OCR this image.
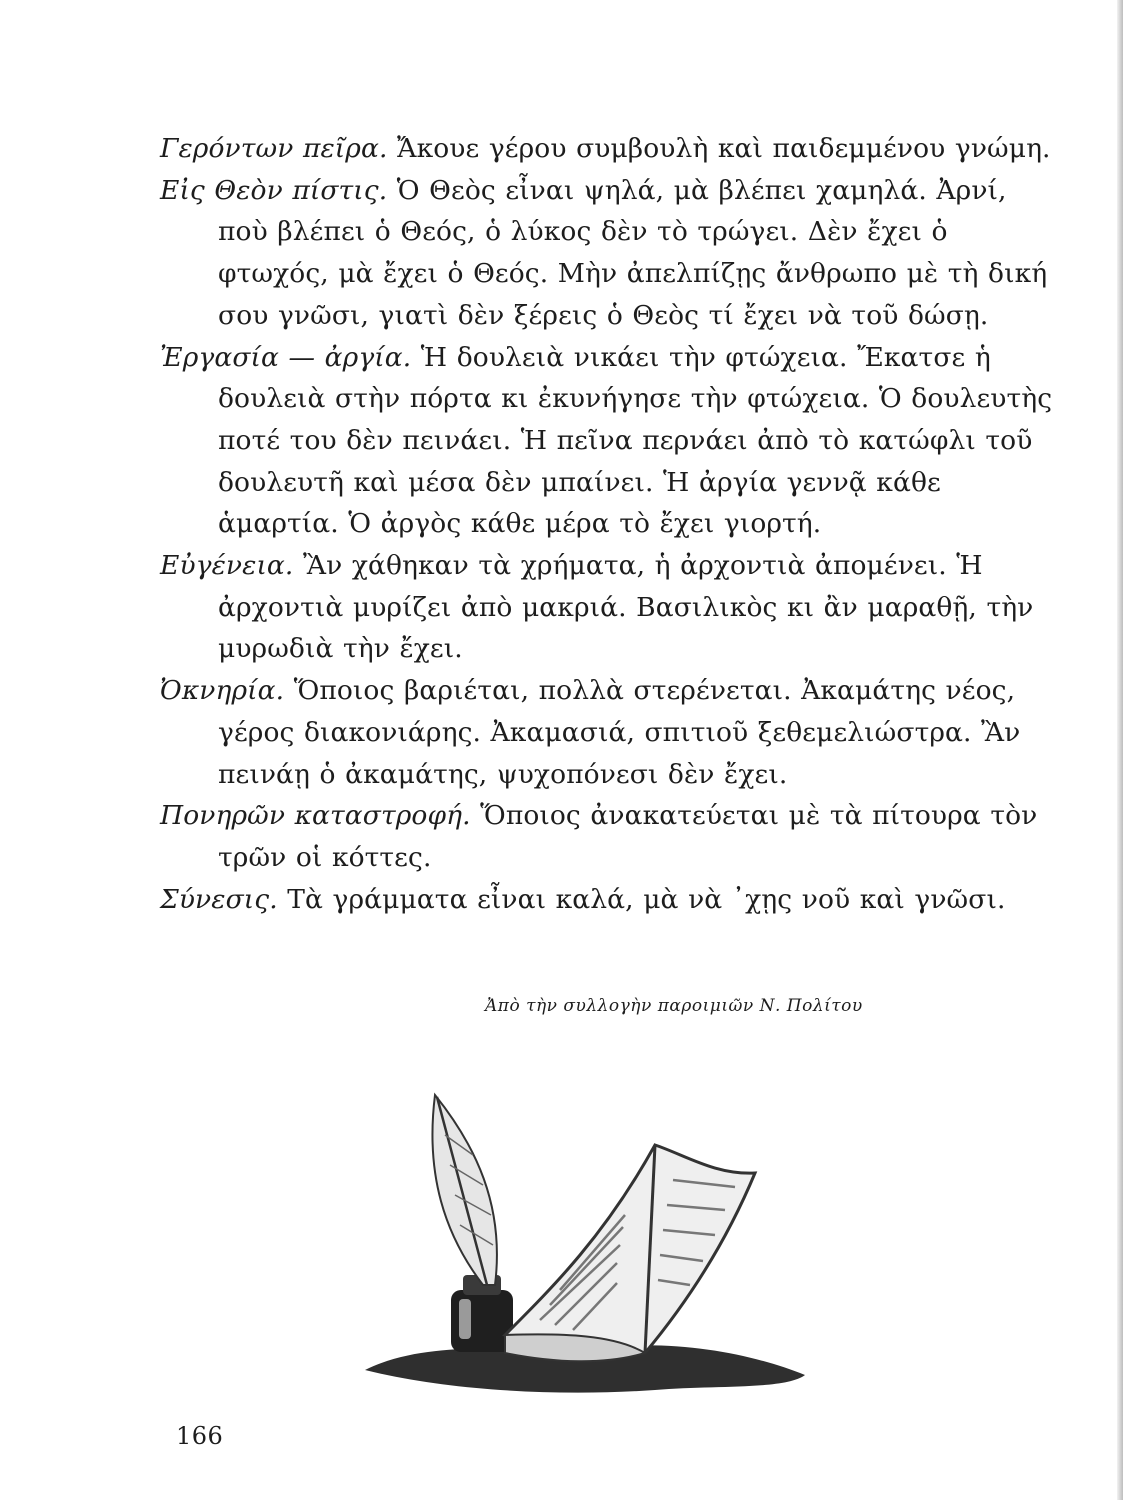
Γερόντων πεῖρα. Ἄκουε γέρου συμβουλὴ καὶ παιδεμμένου γνώμη.
Εἰς Θεὸν πίστις. Ὁ Θεὸς εἶναι ψηλά, μὰ βλέπει χαμηλά. Ἀρνί, ποὺ βλέπει ὁ Θεός, ὁ λύκος δὲν τὸ τρώγει. Δὲν ἔχει ὁ φτωχός, μὰ ἔχει ὁ Θεός. Μὴν ἀπελπίζῃς ἄνθρωπο μὲ τὴ δική σου γνῶσι, γιατὶ δὲν ξέρεις ὁ Θεὸς τί ἔχει νὰ τοῦ δώσῃ.
Ἐργασία — ἀργία. Ἡ δουλειὰ νικάει τὴν φτώχεια. Ἔκατσε ἡ δουλειὰ στὴν πόρτα κι ἐκυνήγησε τὴν φτώχεια. Ὁ δουλευτὴς ποτέ του δὲν πεινάει. Ἡ πεῖνα περνάει ἀπὸ τὸ κατώφλι τοῦ δουλευτῆ καὶ μέσα δὲν μπαίνει. Ἡ ἀργία γεννᾷ κάθε ἁμαρτία. Ὁ ἀργὸς κάθε μέρα τὸ ἔχει γιορτή.
Εὐγένεια. Ἂν χάθηκαν τὰ χρήματα, ἡ ἀρχοντιὰ ἀπομένει. Ἡ ἀρχοντιὰ μυρίζει ἀπὸ μακριά. Βασιλικὸς κι ἂν μαραθῇ, τὴν μυρωδιὰ τὴν ἔχει.
Ὀκνηρία. Ὅποιος βαριέται, πολλὰ στερένεται. Ἀκαμάτης νέος, γέρος διακονιάρης. Ἀκαμασιά, σπιτιοῦ ξεθεμελιώστρα. Ἂν πεινάῃ ὁ ἀκαμάτης, ψυχοπόνεσι δὲν ἔχει.
Πονηρῶν καταστροφή. Ὅποιος ἀνακατεύεται μὲ τὰ πίτουρα τὸν τρῶν οἱ κόττες.
Σύνεσις. Τὰ γράμματα εἶναι καλά, μὰ νὰ ᾿χῃς νοῦ καὶ γνῶσι.
Ἀπὸ τὴν συλλογὴν παροιμιῶν Ν. Πολίτου
166
